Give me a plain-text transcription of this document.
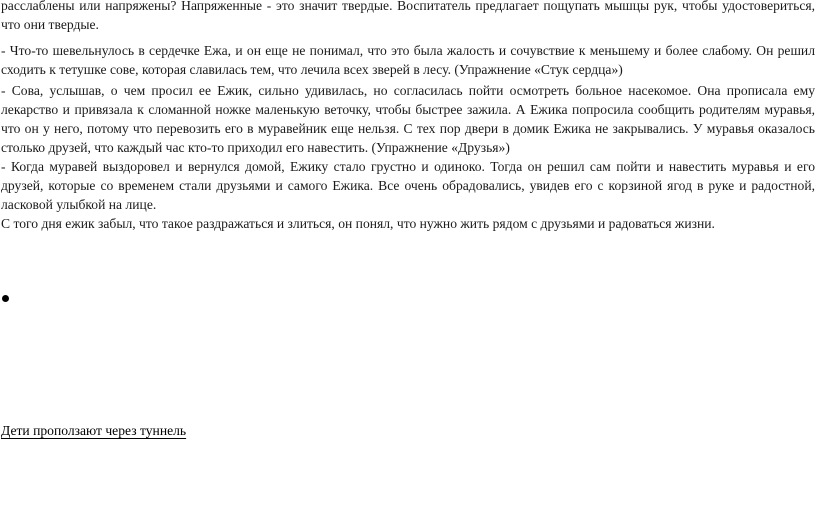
расслаблены или напряжены? Напряженные - это значит твердые. Воспитатель предлагает пощупать мышцы рук, чтобы удостовериться, что они твердые.

- Что-то шевельнулось в сердечке Ежа, и он еще не понимал, что это была жалость и сочувствие к меньшему и более слабому. Он решил сходить к тетушке сове, которая славилась тем, что лечила всех зверей в лесу. (Упражнение «Стук сердца»)

- Сова, услышав, о чем просил ее Ежик, сильно удивилась, но согласилась пойти осмотреть больное насекомое. Она прописала ему лекарство и привязала к сломанной ножке маленькую веточку, чтобы быстрее зажила. А Ежика попросила сообщить родителям муравья, что он у него, потому что перевозить его в муравейник еще нельзя. С тех пор двери в домик Ежика не закрывались. У муравья оказалось столько друзей, что каждый час кто-то приходил его навестить. (Упражнение «Друзья»)

- Когда муравей выздоровел и вернулся домой, Ежику стало грустно и одиноко. Тогда он решил сам пойти и навестить муравья и его друзей, которые со временем стали друзьями и самого Ежика. Все очень обрадовались, увидев его с корзиной ягод в руке и радостной, ласковой улыбкой на лице.

С того дня ежик забыл, что такое раздражаться и злиться, он понял, что нужно жить рядом с друзьями и радоваться жизни.

Дети проползают через туннель
